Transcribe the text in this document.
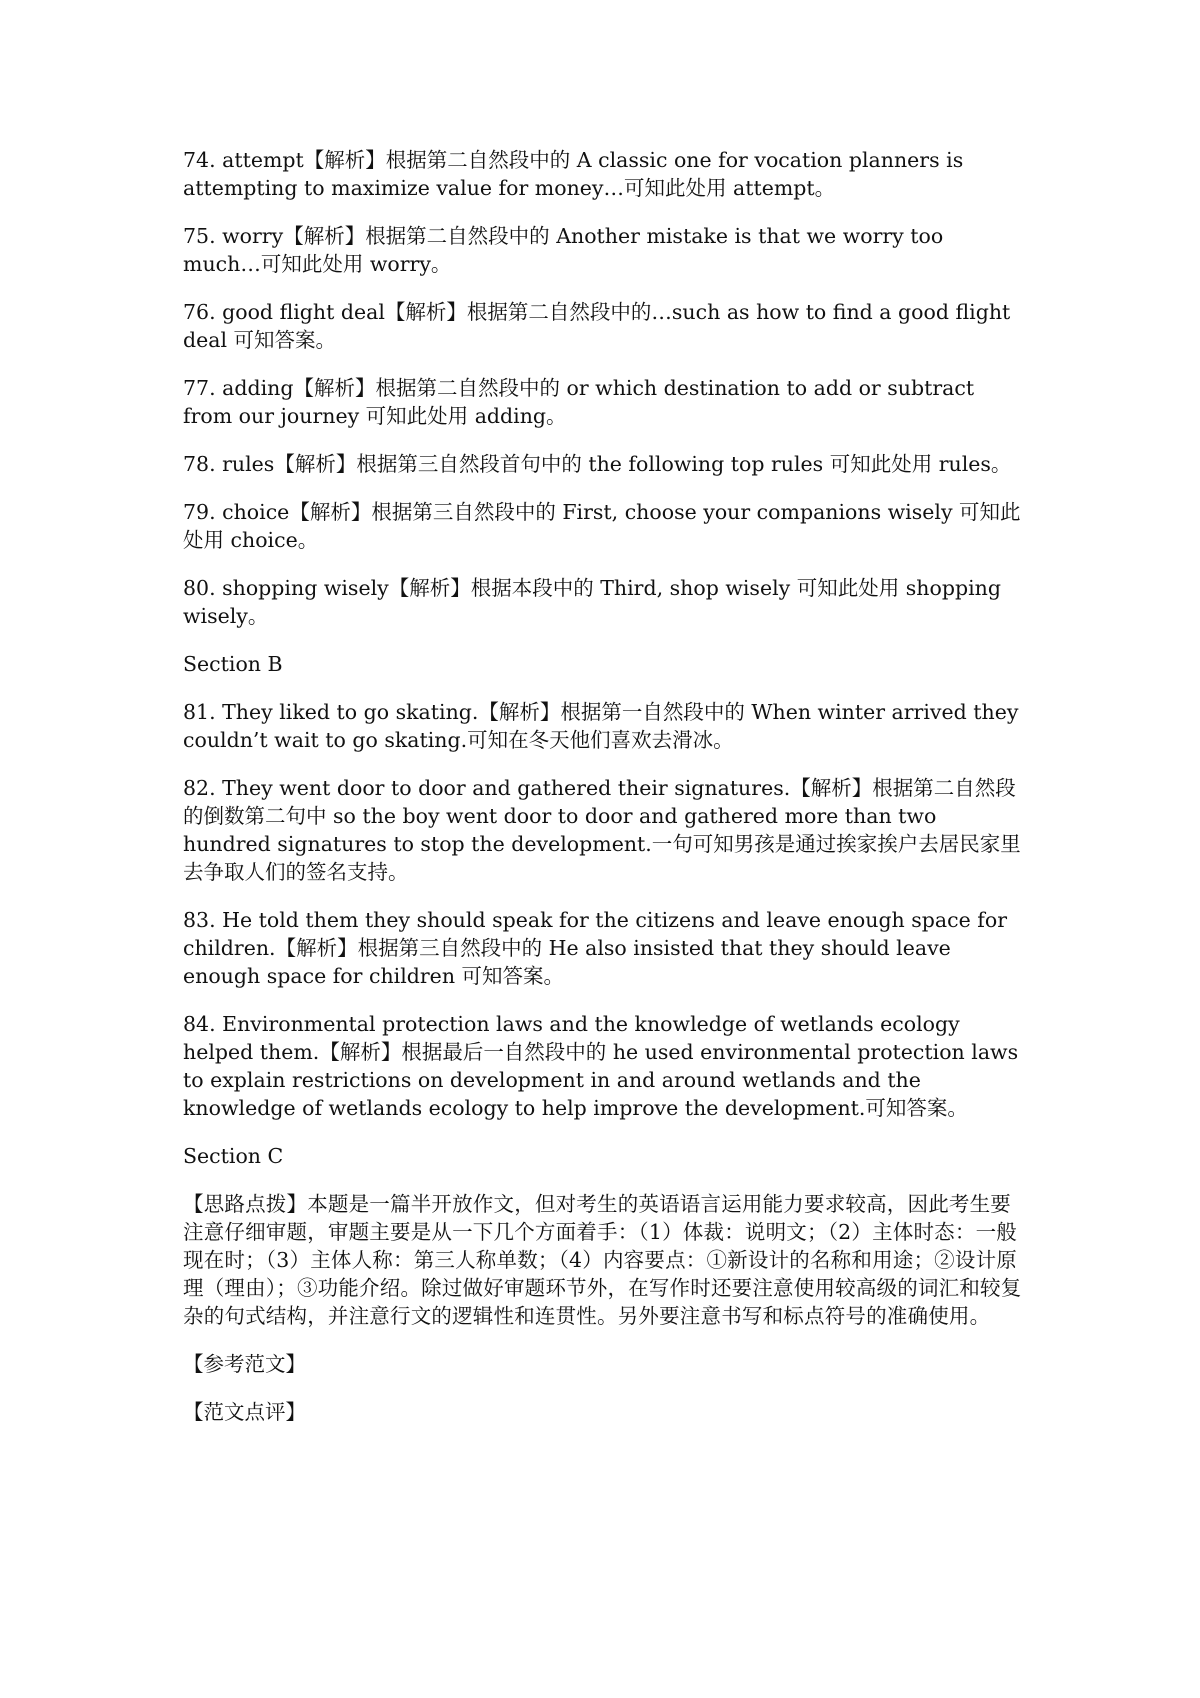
74. attempt【解析】根据第二自然段中的 A classic one for vocation planners is attempting to maximize value for money…可知此处用 attempt。

75. worry【解析】根据第二自然段中的 Another mistake is that we worry too much…可知此处用 worry。

76. good flight deal【解析】根据第二自然段中的…such as how to find a good flight deal 可知答案。

77. adding【解析】根据第二自然段中的 or which destination to add or subtract from our journey 可知此处用 adding。

78. rules【解析】根据第三自然段首句中的 the following top rules 可知此处用 rules。

79. choice【解析】根据第三自然段中的 First, choose your companions wisely 可知此处用 choice。

80. shopping wisely【解析】根据本段中的 Third, shop wisely 可知此处用 shopping wisely。

Section B

81. They liked to go skating.【解析】根据第一自然段中的 When winter arrived they couldn’t wait to go skating.可知在冬天他们喜欢去滑冰。

82. They went door to door and gathered their signatures.【解析】根据第二自然段的倒数第二句中 so the boy went door to door and gathered more than two hundred signatures to stop the development.一句可知男孩是通过挨家挨户去居民家里去争取人们的签名支持。

83. He told them they should speak for the citizens and leave enough space for children.【解析】根据第三自然段中的 He also insisted that they should leave enough space for children 可知答案。

84. Environmental protection laws and the knowledge of wetlands ecology helped them.【解析】根据最后一自然段中的 he used environmental protection laws to explain restrictions on development in and around wetlands and the knowledge of wetlands ecology to help improve the development.可知答案。

Section C

【思路点拨】本题是一篇半开放作文，但对考生的英语语言运用能力要求较高，因此考生要注意仔细审题，审题主要是从一下几个方面着手：（1）体裁：说明文；（2）主体时态：一般现在时；（3）主体人称：第三人称单数；（4）内容要点：①新设计的名称和用途；②设计原理（理由）；③功能介绍。除过做好审题环节外，在写作时还要注意使用较高级的词汇和较复杂的句式结构，并注意行文的逻辑性和连贯性。另外要注意书写和标点符号的准确使用。

【参考范文】

【范文点评】
